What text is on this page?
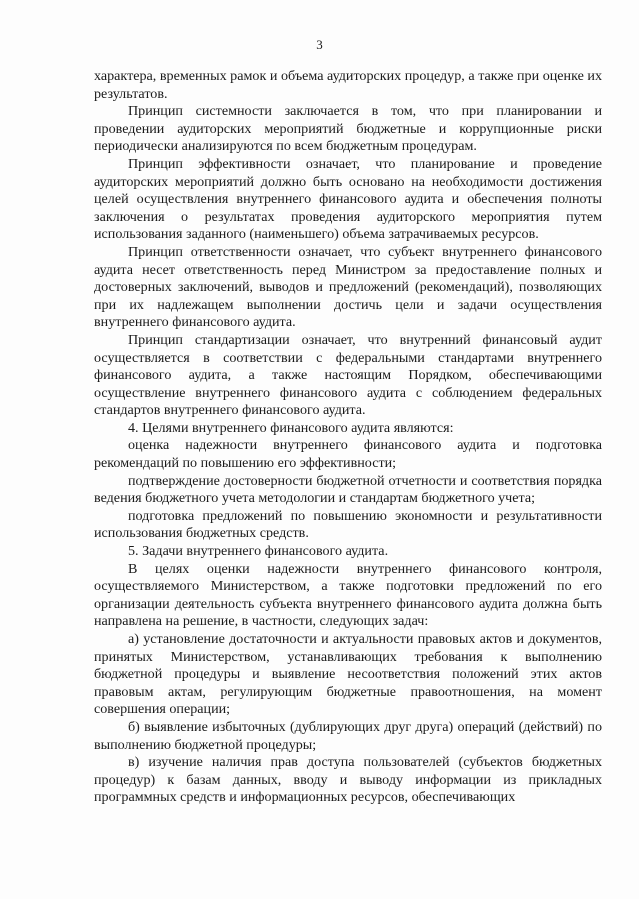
3

характера, временных рамок и объема аудиторских процедур, а также при оценке их результатов.

Принцип системности заключается в том, что при планировании и проведении аудиторских мероприятий бюджетные и коррупционные риски периодически анализируются по всем бюджетным процедурам.

Принцип эффективности означает, что планирование и проведение аудиторских мероприятий должно быть основано на необходимости достижения целей осуществления внутреннего финансового аудита и обеспечения полноты заключения о результатах проведения аудиторского мероприятия путем использования заданного (наименьшего) объема затрачиваемых ресурсов.

Принцип ответственности означает, что субъект внутреннего финансового аудита несет ответственность перед Министром за предоставление полных и достоверных заключений, выводов и предложений (рекомендаций), позволяющих при их надлежащем выполнении достичь цели и задачи осуществления внутреннего финансового аудита.

Принцип стандартизации означает, что внутренний финансовый аудит осуществляется в соответствии с федеральными стандартами внутреннего финансового аудита, а также настоящим Порядком, обеспечивающими осуществление внутреннего финансового аудита с соблюдением федеральных стандартов внутреннего финансового аудита.

4. Целями внутреннего финансового аудита являются:

оценка надежности внутреннего финансового аудита и подготовка рекомендаций по повышению его эффективности;

подтверждение достоверности бюджетной отчетности и соответствия порядка ведения бюджетного учета методологии и стандартам бюджетного учета;

подготовка предложений по повышению экономности и результативности использования бюджетных средств.

5. Задачи внутреннего финансового аудита.

В целях оценки надежности внутреннего финансового контроля, осуществляемого Министерством, а также подготовки предложений по его организации деятельность субъекта внутреннего финансового аудита должна быть направлена на решение, в частности, следующих задач:

а) установление достаточности и актуальности правовых актов и документов, принятых Министерством, устанавливающих требования к выполнению бюджетной процедуры и выявление несоответствия положений этих актов правовым актам, регулирующим бюджетные правоотношения, на момент совершения операции;

б) выявление избыточных (дублирующих друг друга) операций (действий) по выполнению бюджетной процедуры;

в) изучение наличия прав доступа пользователей (субъектов бюджетных процедур) к базам данных, вводу и выводу информации из прикладных программных средств и информационных ресурсов, обеспечивающих
